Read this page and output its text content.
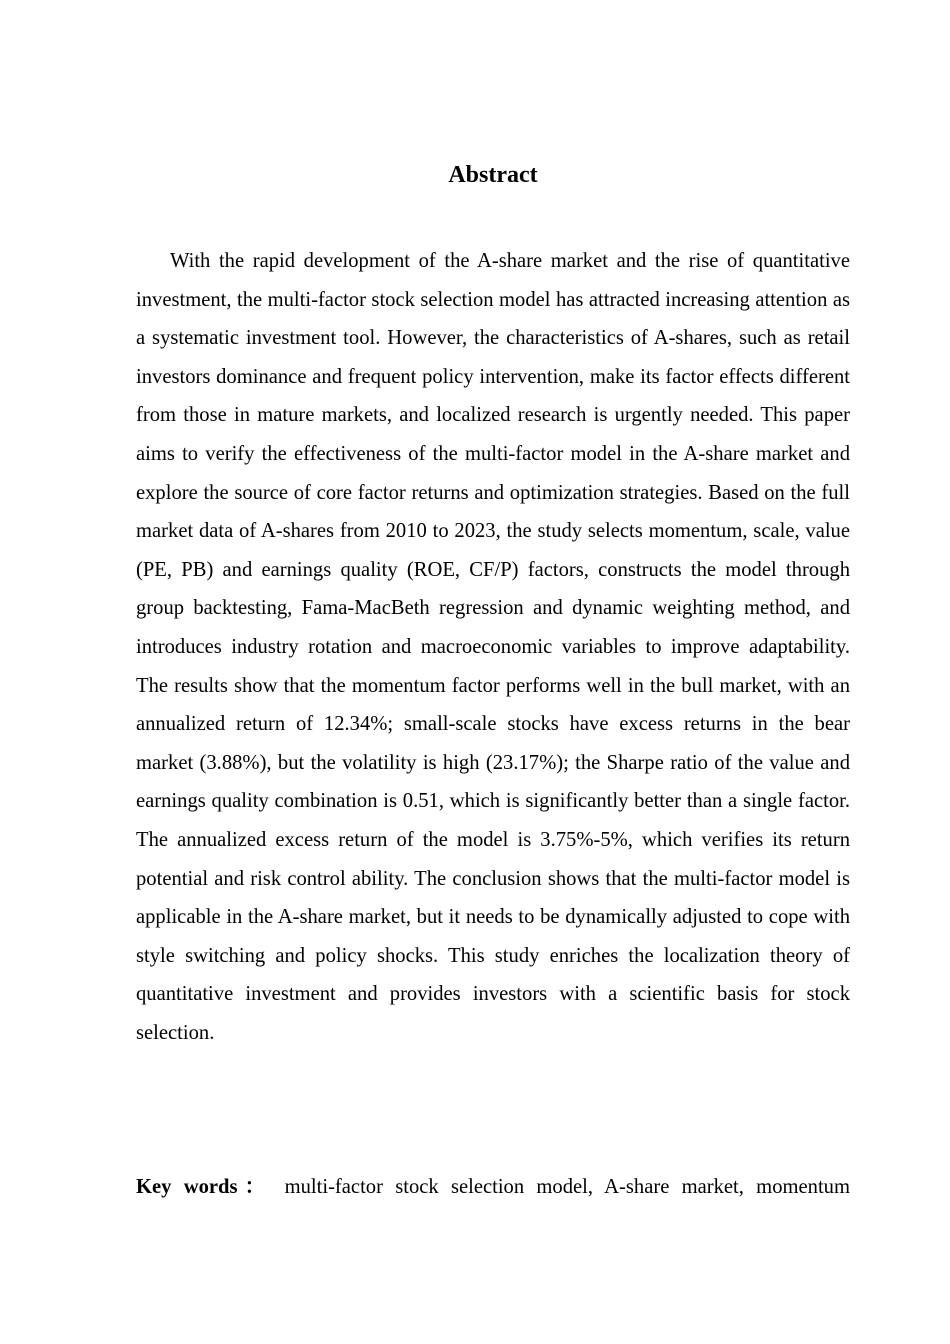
Abstract

With the rapid development of the A-share market and the rise of quantitative investment, the multi-factor stock selection model has attracted increasing attention as a systematic investment tool. However, the characteristics of A-shares, such as retail investors dominance and frequent policy intervention, make its factor effects different from those in mature markets, and localized research is urgently needed. This paper aims to verify the effectiveness of the multi-factor model in the A-share market and explore the source of core factor returns and optimization strategies. Based on the full market data of A-shares from 2010 to 2023, the study selects momentum, scale, value (PE, PB) and earnings quality (ROE, CF/P) factors, constructs the model through group backtesting, Fama-MacBeth regression and dynamic weighting method, and introduces industry rotation and macroeconomic variables to improve adaptability. The results show that the momentum factor performs well in the bull market, with an annualized return of 12.34%; small-scale stocks have excess returns in the bear market (3.88%), but the volatility is high (23.17%); the Sharpe ratio of the value and earnings quality combination is 0.51, which is significantly better than a single factor. The annualized excess return of the model is 3.75%-5%, which verifies its return potential and risk control ability. The conclusion shows that the multi-factor model is applicable in the A-share market, but it needs to be dynamically adjusted to cope with style switching and policy shocks. This study enriches the localization theory of quantitative investment and provides investors with a scientific basis for stock selection.

Key words： multi-factor stock selection model, A-share market, momentum
